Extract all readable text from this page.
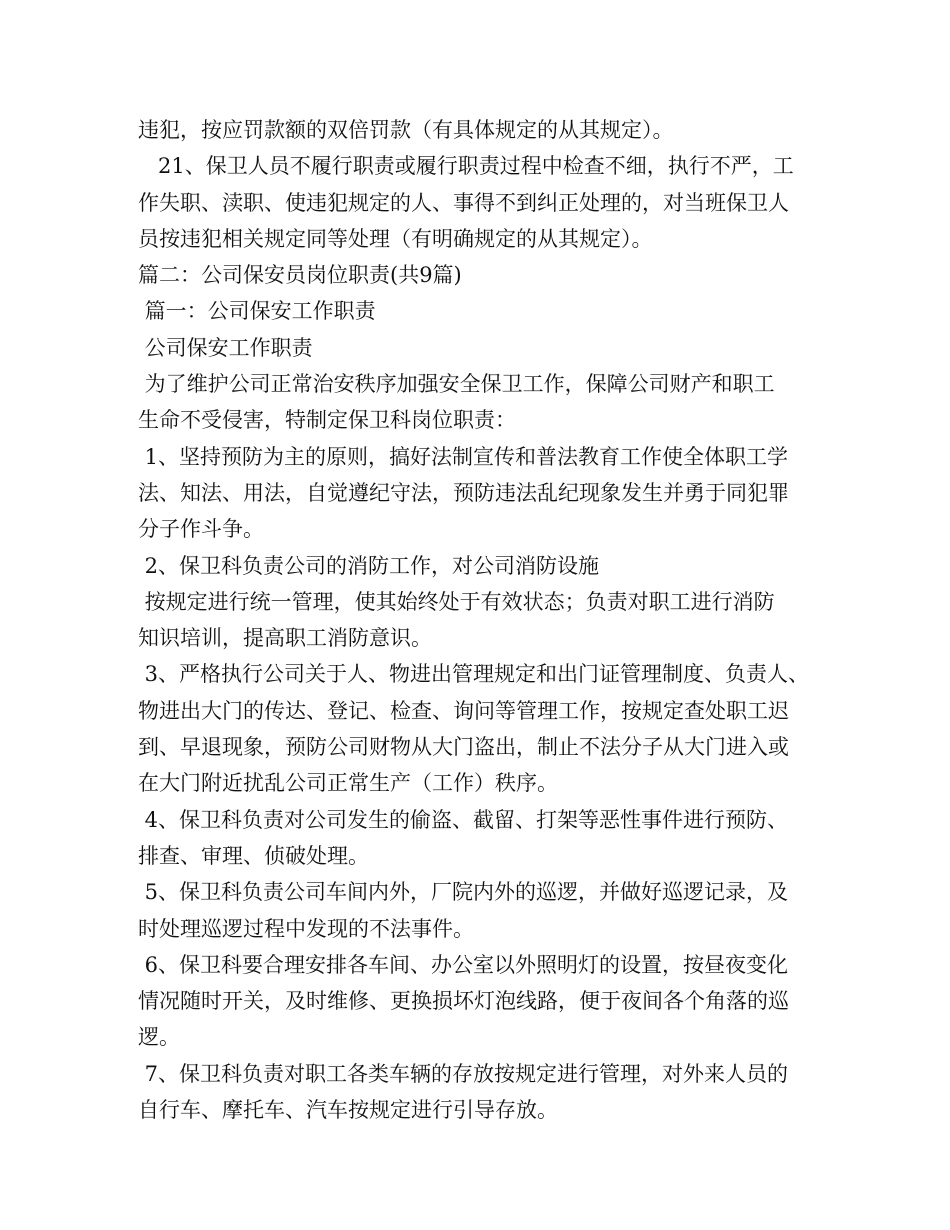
违犯，按应罚款额的双倍罚款（有具体规定的从其规定）。
21、保卫人员不履行职责或履行职责过程中检查不细，执行不严，工
作失职、渎职、使违犯规定的人、事得不到纠正处理的，对当班保卫人
员按违犯相关规定同等处理（有明确规定的从其规定）。
篇二：公司保安员岗位职责(共9篇)
篇一：公司保安工作职责
公司保安工作职责
为了维护公司正常治安秩序加强安全保卫工作，保障公司财产和职工
生命不受侵害，特制定保卫科岗位职责：
1、坚持预防为主的原则，搞好法制宣传和普法教育工作使全体职工学
法、知法、用法，自觉遵纪守法，预防违法乱纪现象发生并勇于同犯罪
分子作斗争。
2、保卫科负责公司的消防工作，对公司消防设施
按规定进行统一管理，使其始终处于有效状态；负责对职工进行消防
知识培训，提高职工消防意识。
3、严格执行公司关于人、物进出管理规定和出门证管理制度、负责人、
物进出大门的传达、登记、检查、询问等管理工作，按规定查处职工迟
到、早退现象，预防公司财物从大门盗出，制止不法分子从大门进入或
在大门附近扰乱公司正常生产（工作）秩序。
4、保卫科负责对公司发生的偷盗、截留、打架等恶性事件进行预防、
排查、审理、侦破处理。
5、保卫科负责公司车间内外，厂院内外的巡逻，并做好巡逻记录，及
时处理巡逻过程中发现的不法事件。
6、保卫科要合理安排各车间、办公室以外照明灯的设置，按昼夜变化
情况随时开关，及时维修、更换损坏灯泡线路，便于夜间各个角落的巡
逻。
7、保卫科负责对职工各类车辆的存放按规定进行管理，对外来人员的
自行车、摩托车、汽车按规定进行引导存放。
